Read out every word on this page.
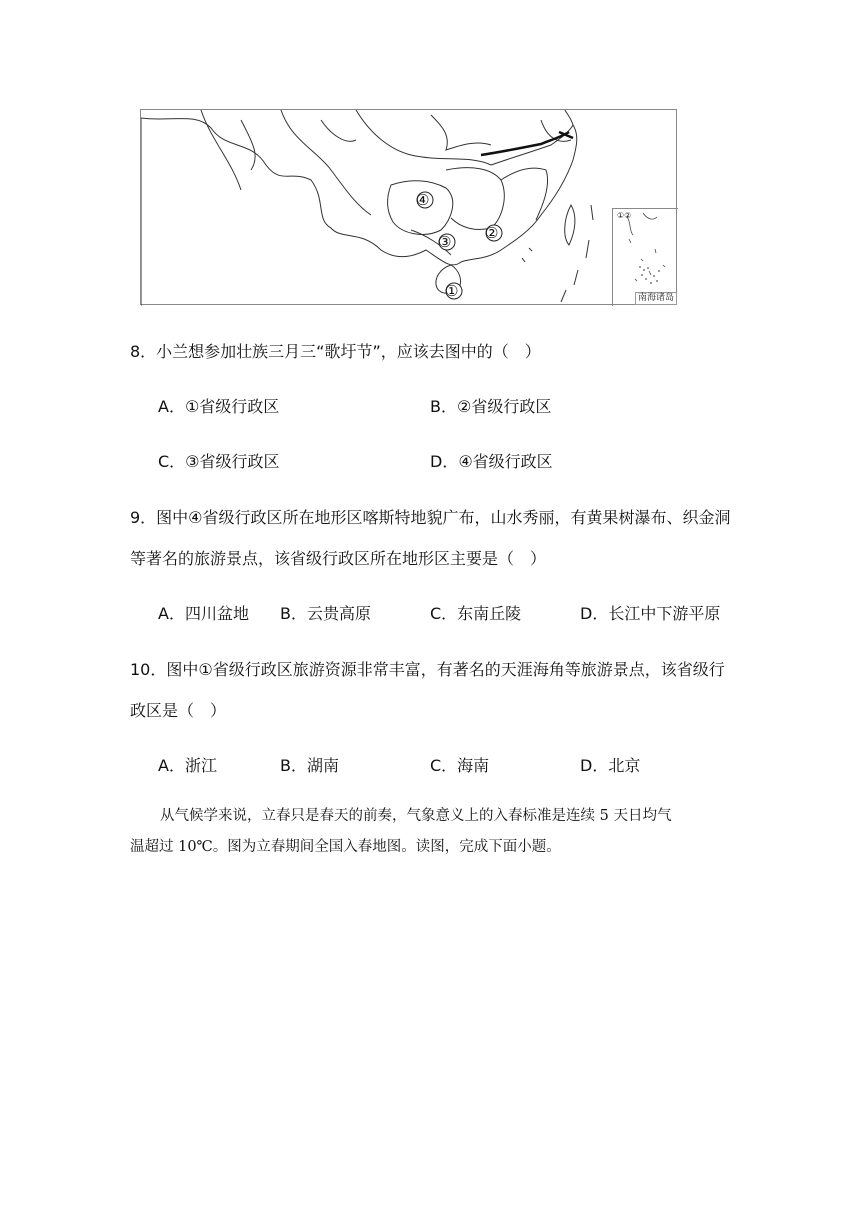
①
②
③
④
①②
南海诸岛
8．小兰想参加壮族三月三“歌圩节”，应该去图中的（　）
A．①省级行政区	B．②省级行政区
C．③省级行政区	D．④省级行政区
9．图中④省级行政区所在地形区喀斯特地貌广布，山水秀丽，有黄果树瀑布、织金洞
等著名的旅游景点，该省级行政区所在地形区主要是（　）
A．四川盆地 B．云贵高原	C．东南丘陵	D．长江中下游平原
10．图中①省级行政区旅游资源非常丰富，有著名的天涯海角等旅游景点，该省级行
政区是（　）
A．浙江	B．湖南	C．海南	D．北京
从气候学来说，立春只是春天的前奏，气象意义上的入春标准是连续 5 天日均气
温超过 10℃。图为立春期间全国入春地图。读图，完成下面小题。
